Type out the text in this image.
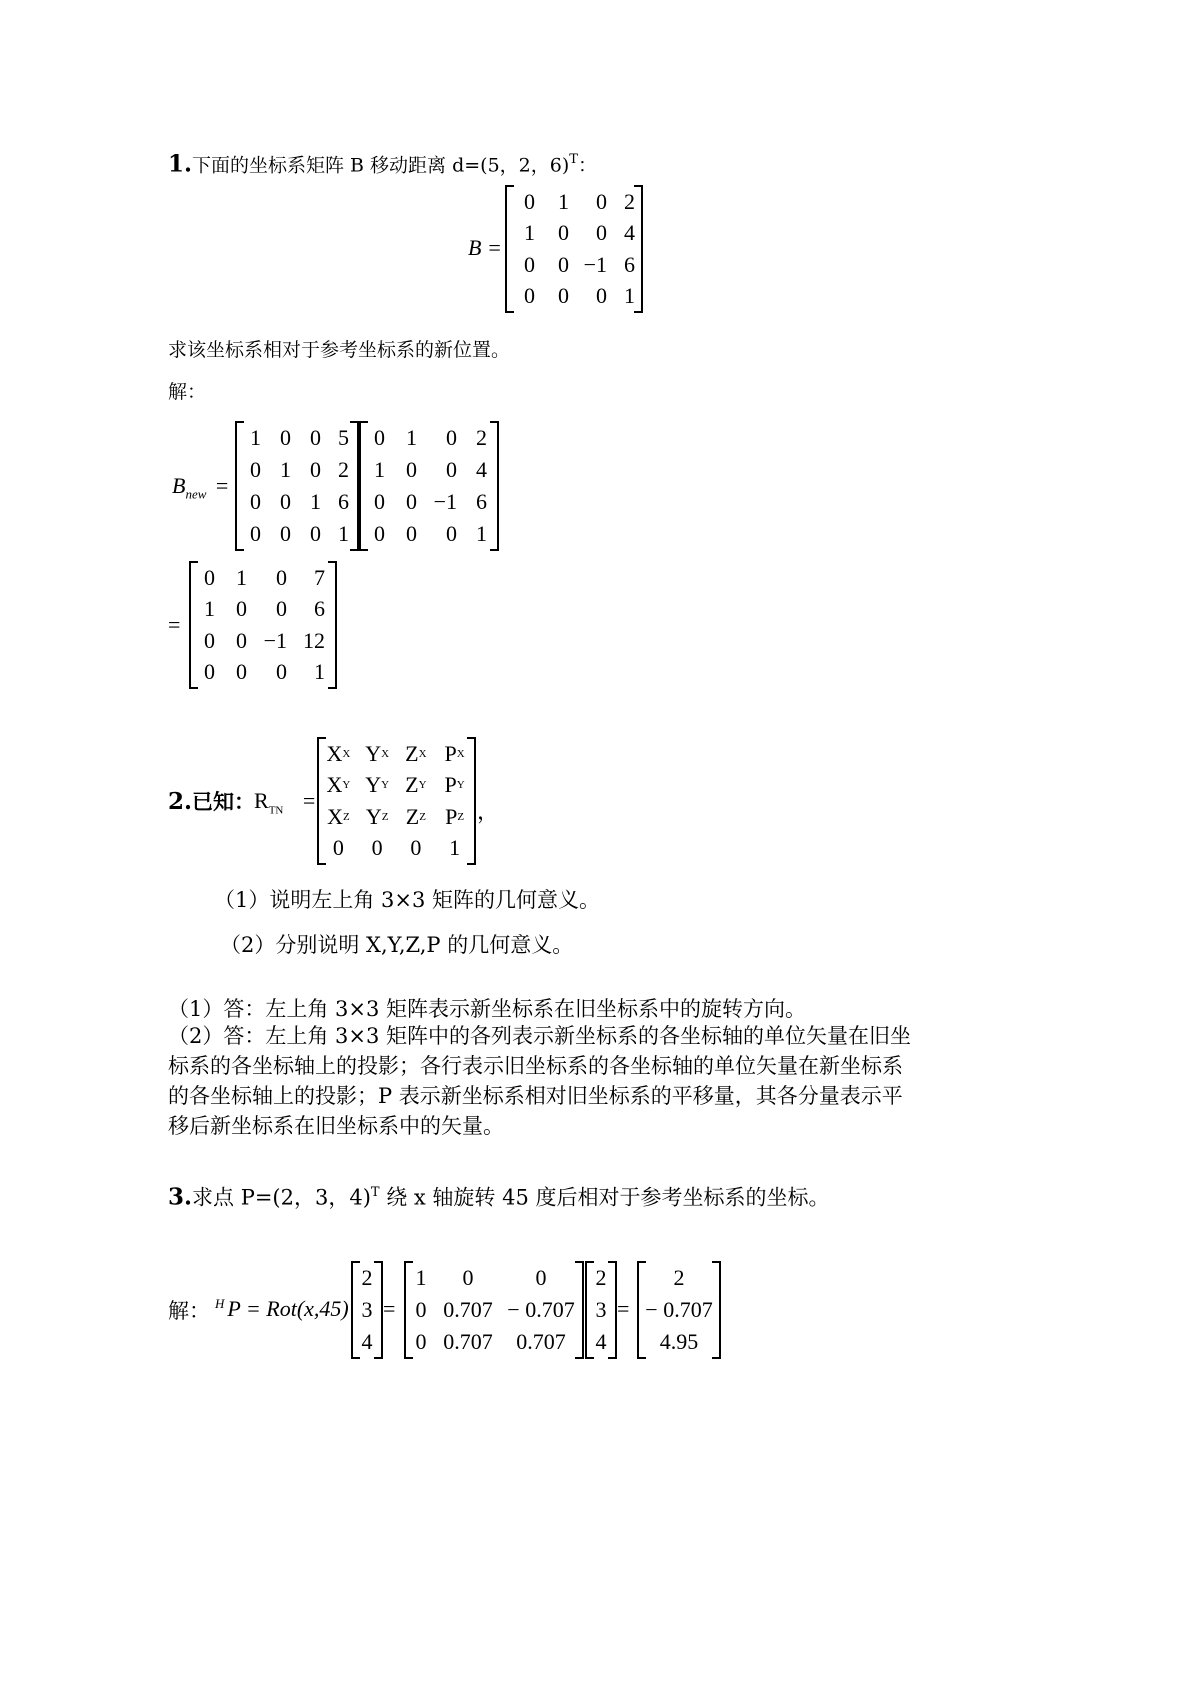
1.下面的坐标系矩阵 B 移动距离 d=(5，2，6)$^T$：
B =
0	1	0 2
1	0	0 4
0	0 −1 6
0	0	0 1
求该坐标系相对于参考坐标系的新位置。
解：
$B_{new}$ =
1 0 0 5
0 1 0 2
0 0 1 6
0 0 0 1
0 1	0 2
1 0	0 4
0 0 −1 6
0 0	0 1
=
0 1	0	7
1 0	0	6
0 0 −1 12
0 0	0	1
2.已知：
$R_{TN}$ =
X X Y X Z X P X
X Y Y Y Z Y P Y
X Z Y Z Z Z P Z
0 0 0 1
，
（1）说明左上角 3×3 矩阵的几何意义。
（2）分别说明 X,Y,Z,P 的几何意义。
（1）答：左上角 3×3 矩阵表示新坐标系在旧坐标系中的旋转方向。
（2）答：左上角 3×3 矩阵中的各列表示新坐标系的各坐标轴的单位矢量在旧坐
标系的各坐标轴上的投影；各行表示旧坐标系的各坐标轴的单位矢量在新坐标系
的各坐标轴上的投影；P 表示新坐标系相对旧坐标系的平移量，其各分量表示平
移后新坐标系在旧坐标系中的矢量。
3.求点 P=(2，3，4)$^T$ 绕 x 轴旋转 45 度后相对于参考坐标系的坐标。
解： $^H$ P = Rot(x,45)
2
3
4
=
1	0	0
0 0.707 − 0.707
0 0.707	0.707
2
3
4
=
2
− 0.707
4.95
